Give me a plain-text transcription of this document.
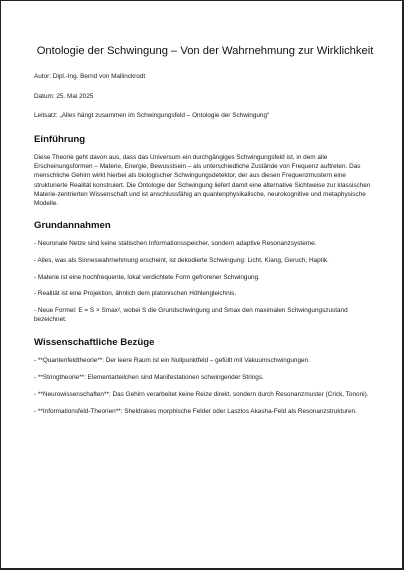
Ontologie der Schwingung – Von der Wahrnehmung zur Wirklichkeit
Autor: Dipl.-Ing. Bernd von Mallinckrodt
Datum: 25. Mai 2025
Leitsatz: „Alles hängt zusammen im Schwingungsfeld – Ontologie der Schwingung“
Einführung

Diese Theorie geht davon aus, dass das Universum ein durchgängiges Schwingungsfeld ist, in dem alle Erscheinungsformen – Materie, Energie, Bewusstsein – als unterschiedliche Zustände von Frequenz auftreten. Das menschliche Gehirn wirkt hierbei als biologischer Schwingungsdetektor, der aus diesen Frequenzmustern eine strukturierte Realität konstruiert. Die Ontologie der Schwingung liefert damit eine alternative Sichtweise zur klassischen Materie-zentrierten Wissenschaft und ist anschlussfähig an quantenphysikalische, neurokognitive und metaphysische Modelle.

Grundannahmen

- Neuronale Netze sind keine statischen Informationsspeicher, sondern adaptive Resonanzsysteme.

- Alles, was als Sinneswahrnehmung erscheint, ist dekodierte Schwingung: Licht, Klang, Geruch, Haptik.

- Materie ist eine hochfrequente, lokal verdichtete Form gefrorener Schwingung.

- Realität ist eine Projektion, ähnlich dem platonischen Höhlengleichnis.

- Neue Formel: E = S × Smax², wobei S die Grundschwingung und Smax den maximalen Schwingungszustand bezeichnet.

Wissenschaftliche Bezüge

- **Quantenfeldtheorie**: Der leere Raum ist ein Nullpunktfeld – gefüllt mit Vakuumschwingungen.

- **Stringtheorie**: Elementarteilchen sind Manifestationen schwingender Strings.

- **Neurowissenschaften**: Das Gehirn verarbeitet keine Reize direkt, sondern durch Resonanzmuster (Crick, Tononi).

- **Informationsfeld-Theorien**: Sheldrakes morphische Felder oder Laszlos Akasha-Feld als Resonanzstrukturen.
